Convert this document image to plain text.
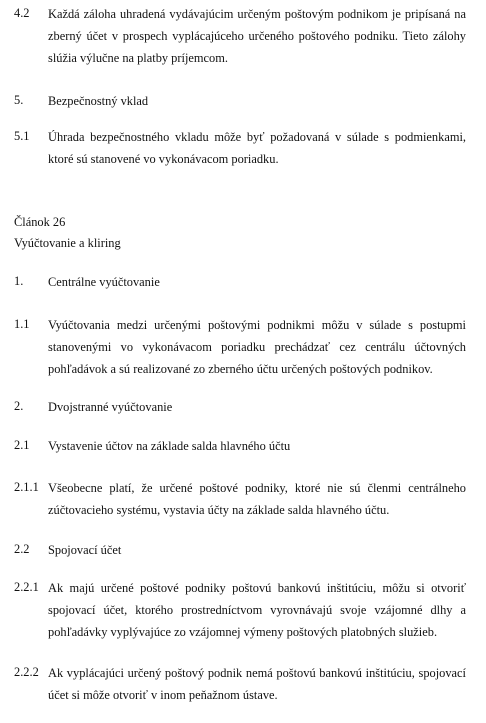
4.2 Každá záloha uhradená vydávajúcim určeným poštovým podnikom je pripísaná na zberný účet v prospech vyplácajúceho určeného poštového podniku. Tieto zálohy slúžia výlučne na platby príjemcom.
5. Bezpečnostný vklad
5.1 Úhrada bezpečnostného vkladu môže byť požadovaná v súlade s podmienkami, ktoré sú stanovené vo vykonávacom poriadku.
Článok 26
Vyúčtovanie a kliring
1. Centrálne vyúčtovanie
1.1 Vyúčtovania medzi určenými poštovými podnikmi môžu v súlade s postupmi stanovenými vo vykonávacom poriadku prechádzať cez centrálu účtovných pohľadávok a sú realizované zo zberného účtu určených poštových podnikov.
2. Dvojstranné vyúčtovanie
2.1 Vystavenie účtov na základe salda hlavného účtu
2.1.1 Všeobecne platí, že určené poštové podniky, ktoré nie sú členmi centrálneho zúčtovacieho systému, vystavia účty na základe salda hlavného účtu.
2.2 Spojovací účet
2.2.1 Ak majú určené poštové podniky poštovú bankovú inštitúciu, môžu si otvoriť spojovací účet, ktorého prostredníctvom vyrovnávajú svoje vzájomné dlhy a pohľadávky vyplývajúce zo vzájomnej výmeny poštových platobných služieb.
2.2.2 Ak vyplácajúci určený poštový podnik nemá poštovú bankovú inštitúciu, spojovací účet si môže otvoriť v inom peňažnom ústave.
